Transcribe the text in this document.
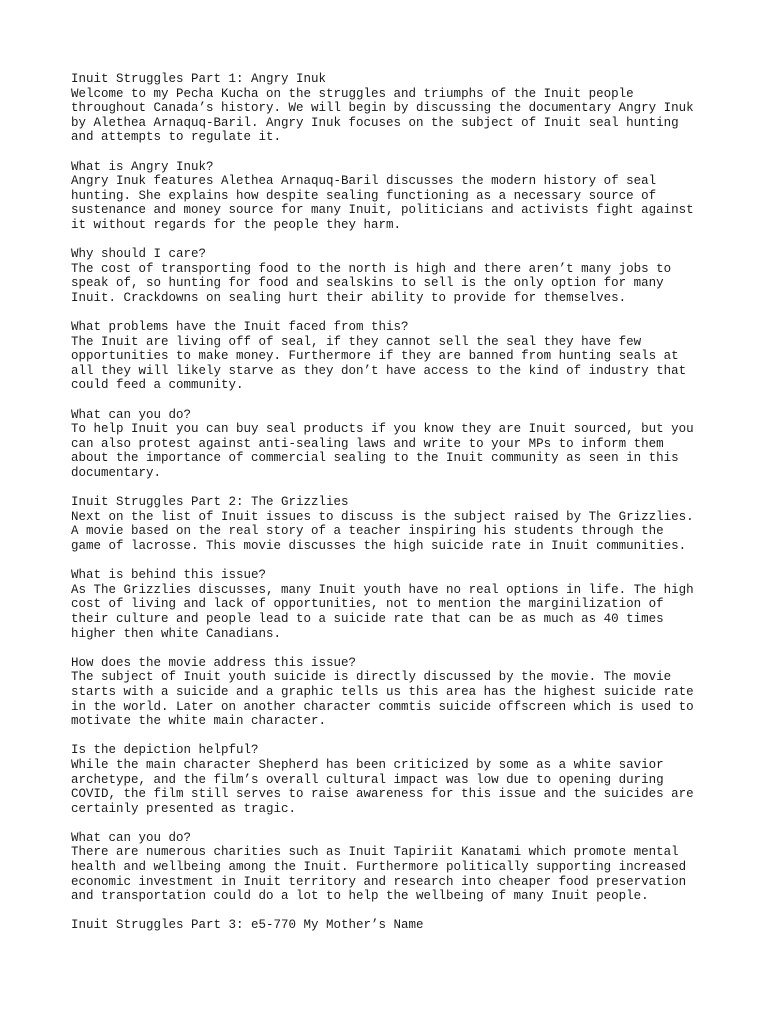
Inuit Struggles Part 1: Angry Inuk

Welcome to my Pecha Kucha on the struggles and triumphs of the Inuit people

throughout Canada’s history. We will begin by discussing the documentary Angry Inuk

by Alethea Arnaquq-Baril. Angry Inuk focuses on the subject of Inuit seal hunting

and attempts to regulate it.

What is Angry Inuk?

Angry Inuk features Alethea Arnaquq-Baril discusses the modern history of seal

hunting. She explains how despite sealing functioning as a necessary source of

sustenance and money source for many Inuit, politicians and activists fight against

it without regards for the people they harm.

Why should I care?

The cost of transporting food to the north is high and there aren’t many jobs to

speak of, so hunting for food and sealskins to sell is the only option for many

Inuit. Crackdowns on sealing hurt their ability to provide for themselves.

What problems have the Inuit faced from this?

The Inuit are living off of seal, if they cannot sell the seal they have few

opportunities to make money. Furthermore if they are banned from hunting seals at

all they will likely starve as they don’t have access to the kind of industry that

could feed a community.

What can you do?

To help Inuit you can buy seal products if you know they are Inuit sourced, but you

can also protest against anti-sealing laws and write to your MPs to inform them

about the importance of commercial sealing to the Inuit community as seen in this

documentary.

Inuit Struggles Part 2: The Grizzlies

Next on the list of Inuit issues to discuss is the subject raised by The Grizzlies.

A movie based on the real story of a teacher inspiring his students through the

game of lacrosse. This movie discusses the high suicide rate in Inuit communities.

What is behind this issue?

As The Grizzlies discusses, many Inuit youth have no real options in life. The high

cost of living and lack of opportunities, not to mention the marginilization of

their culture and people lead to a suicide rate that can be as much as 40 times

higher then white Canadians.

How does the movie address this issue?

The subject of Inuit youth suicide is directly discussed by the movie. The movie

starts with a suicide and a graphic tells us this area has the highest suicide rate

in the world. Later on another character commtis suicide offscreen which is used to

motivate the white main character.

Is the depiction helpful?

While the main character Shepherd has been criticized by some as a white savior

archetype, and the film’s overall cultural impact was low due to opening during

COVID, the film still serves to raise awareness for this issue and the suicides are

certainly presented as tragic.

What can you do?

There are numerous charities such as Inuit Tapiriit Kanatami which promote mental

health and wellbeing among the Inuit. Furthermore politically supporting increased

economic investment in Inuit territory and research into cheaper food preservation

and transportation could do a lot to help the wellbeing of many Inuit people.

Inuit Struggles Part 3: e5-770 My Mother’s Name
